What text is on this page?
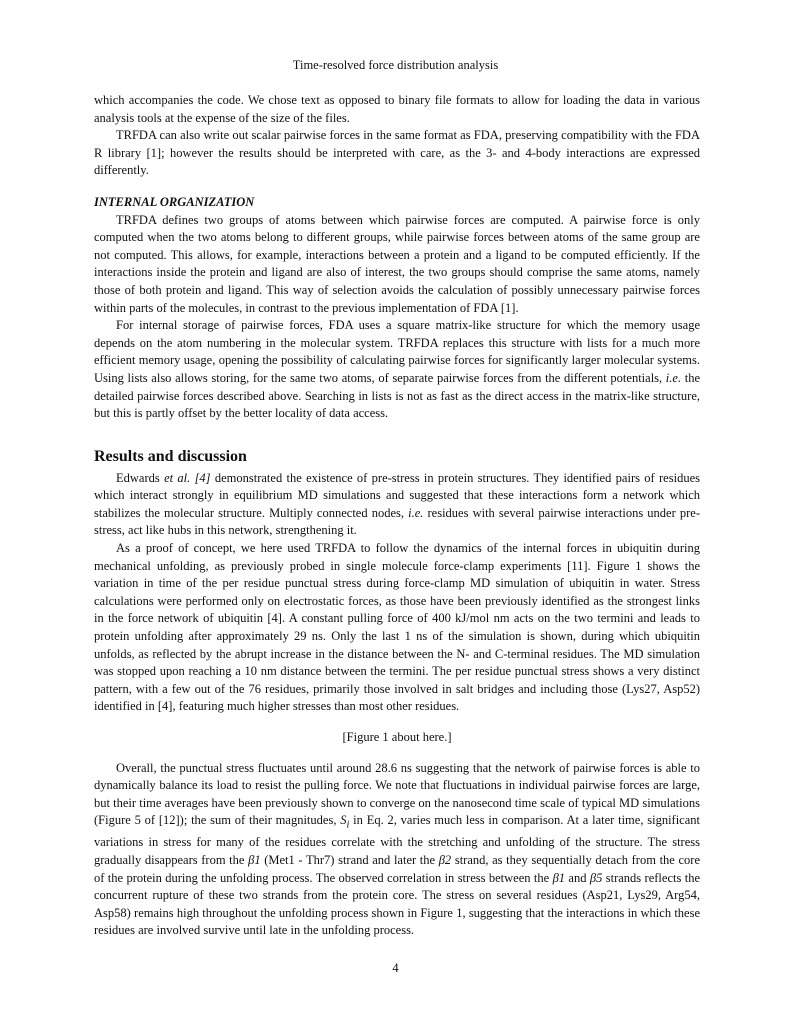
Time-resolved force distribution analysis

which accompanies the code. We chose text as opposed to binary file formats to allow for loading the data in various analysis tools at the expense of the size of the files.

TRFDA can also write out scalar pairwise forces in the same format as FDA, preserving compatibility with the FDA R library [1]; however the results should be interpreted with care, as the 3- and 4-body interactions are expressed differently.

INTERNAL ORGANIZATION

TRFDA defines two groups of atoms between which pairwise forces are computed. A pairwise force is only computed when the two atoms belong to different groups, while pairwise forces between atoms of the same group are not computed. This allows, for example, interactions between a protein and a ligand to be computed efficiently. If the interactions inside the protein and ligand are also of interest, the two groups should comprise the same atoms, namely those of both protein and ligand. This way of selection avoids the calculation of possibly unnecessary pairwise forces within parts of the molecules, in contrast to the previous implementation of FDA [1].

For internal storage of pairwise forces, FDA uses a square matrix-like structure for which the memory usage depends on the atom numbering in the molecular system. TRFDA replaces this structure with lists for a much more efficient memory usage, opening the possibility of calculating pairwise forces for significantly larger molecular systems. Using lists also allows storing, for the same two atoms, of separate pairwise forces from the different potentials, i.e. the detailed pairwise forces described above. Searching in lists is not as fast as the direct access in the matrix-like structure, but this is partly offset by the better locality of data access.

Results and discussion

Edwards et al. [4] demonstrated the existence of pre-stress in protein structures. They identified pairs of residues which interact strongly in equilibrium MD simulations and suggested that these interactions form a network which stabilizes the molecular structure. Multiply connected nodes, i.e. residues with several pairwise interactions under pre-stress, act like hubs in this network, strengthening it.

As a proof of concept, we here used TRFDA to follow the dynamics of the internal forces in ubiquitin during mechanical unfolding, as previously probed in single molecule force-clamp experiments [11]. Figure 1 shows the variation in time of the per residue punctual stress during force-clamp MD simulation of ubiquitin in water. Stress calculations were performed only on electrostatic forces, as those have been previously identified as the strongest links in the force network of ubiquitin [4]. A constant pulling force of 400 kJ/mol nm acts on the two termini and leads to protein unfolding after approximately 29 ns. Only the last 1 ns of the simulation is shown, during which ubiquitin unfolds, as reflected by the abrupt increase in the distance between the N- and C-terminal residues. The MD simulation was stopped upon reaching a 10 nm distance between the termini. The per residue punctual stress shows a very distinct pattern, with a few out of the 76 residues, primarily those involved in salt bridges and including those (Lys27, Asp52) identified in [4], featuring much higher stresses than most other residues.

[Figure 1 about here.]

Overall, the punctual stress fluctuates until around 28.6 ns suggesting that the network of pairwise forces is able to dynamically balance its load to resist the pulling force. We note that fluctuations in individual pairwise forces are large, but their time averages have been previously shown to converge on the nanosecond time scale of typical MD simulations (Figure 5 of [12]); the sum of their magnitudes, $S_i$ in Eq. 2, varies much less in comparison. At a later time, significant variations in stress for many of the residues correlate with the stretching and unfolding of the structure. The stress gradually disappears from the β1 (Met1 - Thr7) strand and later the β2 strand, as they sequentially detach from the core of the protein during the unfolding process. The observed correlation in stress between the β1 and β5 strands reflects the concurrent rupture of these two strands from the protein core. The stress on several residues (Asp21, Lys29, Arg54, Asp58) remains high throughout the unfolding process shown in Figure 1, suggesting that the interactions in which these residues are involved survive until late in the unfolding process.

4
